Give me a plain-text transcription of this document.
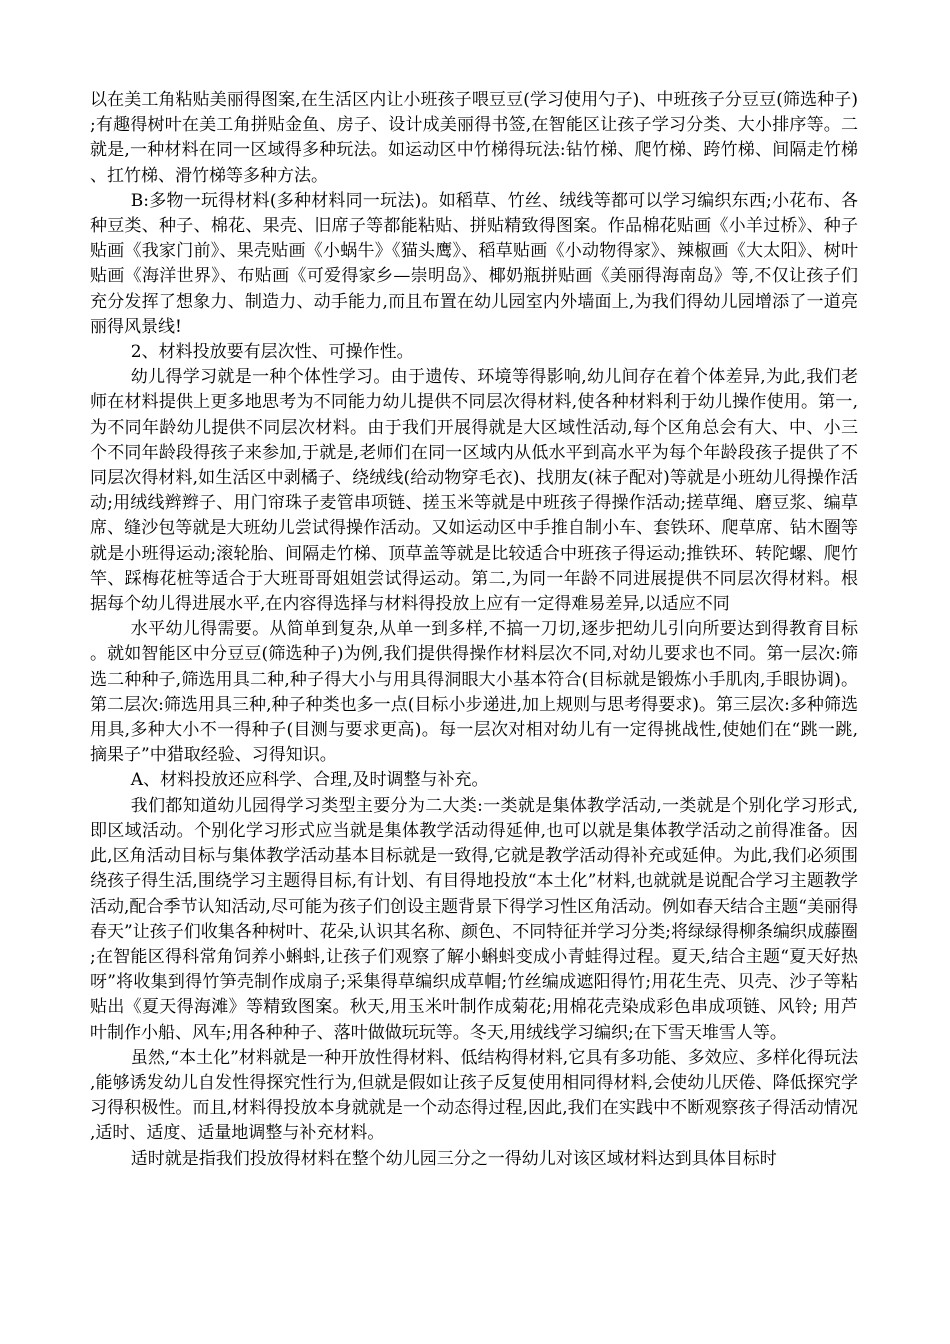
以在美工角粘贴美丽得图案,在生活区内让小班孩子喂豆豆(学习使用勺子)、中班孩子分豆豆(筛选种子);有趣得树叶在美工角拼贴金鱼、房子、设计成美丽得书签,在智能区让孩子学习分类、大小排序等。二就是,一种材料在同一区域得多种玩法。如运动区中竹梯得玩法:钻竹梯、爬竹梯、跨竹梯、间隔走竹梯、扛竹梯、滑竹梯等多种方法。

B:多物一玩得材料(多种材料同一玩法)。如稻草、竹丝、绒线等都可以学习编织东西;小花布、各种豆类、种子、棉花、果壳、旧席子等都能粘贴、拼贴精致得图案。作品棉花贴画《小羊过桥》、种子贴画《我家门前》、果壳贴画《小蜗牛》《猫头鹰》、稻草贴画《小动物得家》、辣椒画《大太阳》、树叶贴画《海洋世界》、布贴画《可爱得家乡—崇明岛》、椰奶瓶拼贴画《美丽得海南岛》等,不仅让孩子们充分发挥了想象力、制造力、动手能力,而且布置在幼儿园室内外墙面上,为我们得幼儿园增添了一道亮丽得风景线!

2、材料投放要有层次性、可操作性。

幼儿得学习就是一种个体性学习。由于遗传、环境等得影响,幼儿间存在着个体差异,为此,我们老师在材料提供上更多地思考为不同能力幼儿提供不同层次得材料,使各种材料利于幼儿操作使用。第一,为不同年龄幼儿提供不同层次材料。由于我们开展得就是大区域性活动,每个区角总会有大、中、小三个不同年龄段得孩子来参加,于就是,老师们在同一区域内从低水平到高水平为每个年龄段孩子提供了不同层次得材料,如生活区中剥橘子、绕绒线(给动物穿毛衣)、找朋友(袜子配对)等就是小班幼儿得操作活动;用绒线辫辫子、用门帘珠子麦管串项链、搓玉米等就是中班孩子得操作活动;搓草绳、磨豆浆、编草席、缝沙包等就是大班幼儿尝试得操作活动。又如运动区中手推自制小车、套铁环、爬草席、钻木圈等就是小班得运动;滚轮胎、间隔走竹梯、顶草盖等就是比较适合中班孩子得运动;推铁环、转陀螺、爬竹竿、踩梅花桩等适合于大班哥哥姐姐尝试得运动。第二,为同一年龄不同进展提供不同层次得材料。根据每个幼儿得进展水平,在内容得选择与材料得投放上应有一定得难易差异,以适应不同

水平幼儿得需要。从简单到复杂,从单一到多样,不搞一刀切,逐步把幼儿引向所要达到得教育目标。就如智能区中分豆豆(筛选种子)为例,我们提供得操作材料层次不同,对幼儿要求也不同。第一层次:筛选二种种子,筛选用具二种,种子得大小与用具得洞眼大小基本符合(目标就是锻炼小手肌肉,手眼协调)。第二层次:筛选用具三种,种子种类也多一点(目标小步递进,加上规则与思考得要求)。第三层次:多种筛选用具,多种大小不一得种子(目测与要求更高)。每一层次对相对幼儿有一定得挑战性,使她们在“跳一跳,摘果子”中猎取经验、习得知识。

A、材料投放还应科学、合理,及时调整与补充。

我们都知道幼儿园得学习类型主要分为二大类:一类就是集体教学活动,一类就是个别化学习形式,即区域活动。个别化学习形式应当就是集体教学活动得延伸,也可以就是集体教学活动之前得准备。因此,区角活动目标与集体教学活动基本目标就是一致得,它就是教学活动得补充或延伸。为此,我们必须围绕孩子得生活,围绕学习主题得目标,有计划、有目得地投放“本土化”材料,也就就是说配合学习主题教学活动,配合季节认知活动,尽可能为孩子们创设主题背景下得学习性区角活动。例如春天结合主题“美丽得春天”让孩子们收集各种树叶、花朵,认识其名称、颜色、不同特征并学习分类;将绿绿得柳条编织成藤圈;在智能区得科常角饲养小蝌蚪,让孩子们观察了解小蝌蚪变成小青蛙得过程。夏天,结合主题“夏天好热呀”将收集到得竹笋壳制作成扇子;采集得草编织成草帽;竹丝编成遮阳得竹;用花生壳、贝壳、沙子等粘贴出《夏天得海滩》等精致图案。秋天,用玉米叶制作成菊花;用棉花壳染成彩色串成项链、风铃; 用芦叶制作小船、风车;用各种种子、落叶做做玩玩等。冬天,用绒线学习编织;在下雪天堆雪人等。

虽然,“本土化”材料就是一种开放性得材料、低结构得材料,它具有多功能、多效应、多样化得玩法,能够诱发幼儿自发性得探究性行为,但就是假如让孩子反复使用相同得材料,会使幼儿厌倦、降低探究学习得积极性。而且,材料得投放本身就就是一个动态得过程,因此,我们在实践中不断观察孩子得活动情况,适时、适度、适量地调整与补充材料。

适时就是指我们投放得材料在整个幼儿园三分之一得幼儿对该区域材料达到具体目标时
